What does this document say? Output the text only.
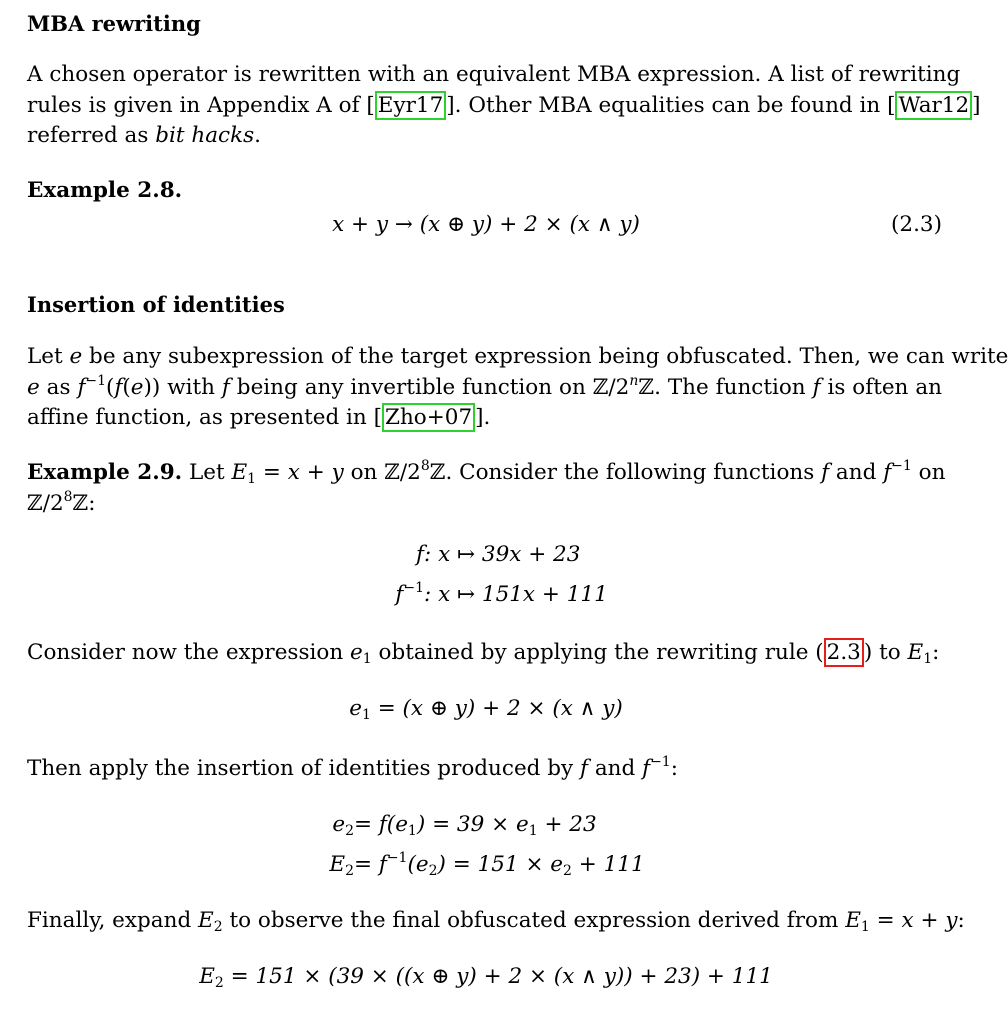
MBA rewriting
A chosen operator is rewritten with an equivalent MBA expression. A list of rewriting
rules is given in Appendix A of [ Eyr17 ]. Other MBA equalities can be found in [ War12 ]
referred as bit hacks.
Example 2.8.
x + y → (x ⊕ y) + 2 × (x ∧ y)	(2.3)
Insertion of identities
Let e be any subexpression of the target expression being obfuscated. Then, we can write
e as $f^{-1}(f(e))$ with f being any invertible function on ℤ/2$^n$ℤ. The function f is often an
affine function, as presented in [ Zho+07 ].
Example 2.9. Let $E_1 = x + y$ on $ℤ/2^8ℤ$. Consider the following functions f and $f^{-1}$ on
$ℤ/2^8ℤ$:
f : x ↦ 39x + 23
$f^{-1}$ : x ↦ 151x + 111
Consider now the expression $e_1$ obtained by applying the rewriting rule ( 2.3 ) to $E_1$:
$e_1 = (x$ ⊕ y) + 2 × (x ∧ y)
Then apply the insertion of identities produced by f and $f^{-1}$:
$e_2 = f(e_1) = 39 \times e_1 + 23$
$E_2 = f^{-1}(e_2) = 151 \times e_2 + 111$
Finally, expand $E_2$ to observe the final obfuscated expression derived from $E_1 = x + y$:
$E_2 = 151 \times (39 \times ((x$ ⊕ y) + 2 × (x ∧ y)) + 23) + 111
